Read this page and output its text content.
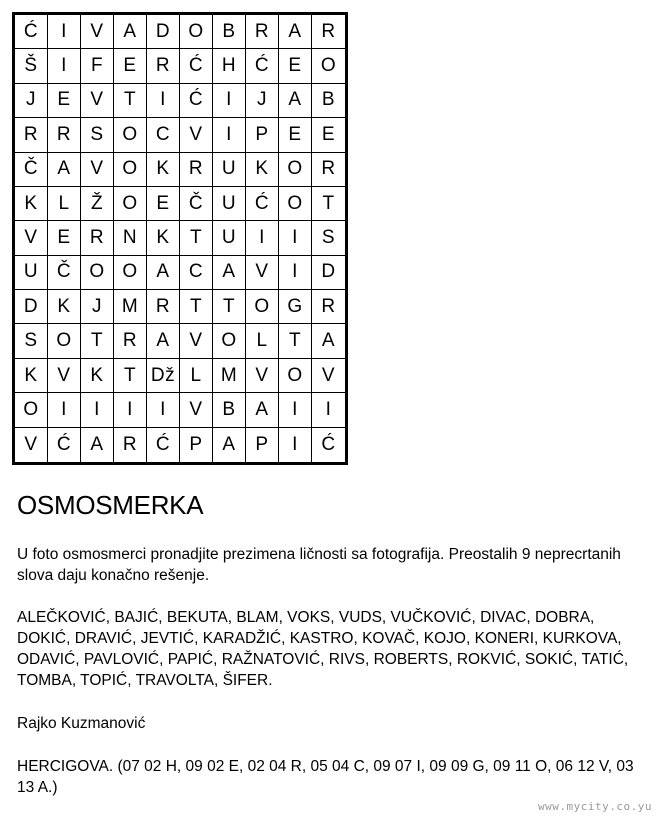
Ć	I	V	A	D O B	R	A	R
Š	I	F	E	R Ć H Ć	E	O
J	E	V	T	I	Ć	I	J	A	B
R R	S O C	V	I	P	E	E
Č	A	V O K	R U	K O R
K	L	Ž	O E	Č U Ć O	T
V	E	R N	K	T	U	I	I	S
U Č O O A	C	A	V	I	D
D	K	J	M R	T	T	O G R
S O	T	R	A	V O	L	T	A
K	V	K	T Dž L	M V O	V
O	I	I	I	I	V	B	A	I	I
V	Ć	A	R Ć	P	A	P	I	Ć
OSMOSMERKA

U foto osmosmerci pronadjite prezimena ličnosti sa fotografija. Preostalih 9 neprecrtanih slova daju konačno rešenje.

ALEČKOVIĆ, BAJIĆ, BEKUTA, BLAM, VOKS, VUDS, VUČKOVIĆ, DIVAC, DOBRA, DOKIĆ, DRAVIĆ, JEVTIĆ, KARADŽIĆ, KASTRO, KOVAČ, KOJO, KONERI, KURKOVA, ODAVIĆ, PAVLOVIĆ, PAPIĆ, RAŽNATOVIĆ, RIVS, ROBERTS, ROKVIĆ, SOKIĆ, TATIĆ, TOMBA, TOPIĆ, TRAVOLTA, ŠIFER.

Rajko Kuzmanović

HERCIGOVA. (07 02 H, 09 02 E, 02 04 R, 05 04 C, 09 07 I, 09 09 G, 09 11 O, 06 12 V, 03 13 A.)

www.mycity.co.yu
